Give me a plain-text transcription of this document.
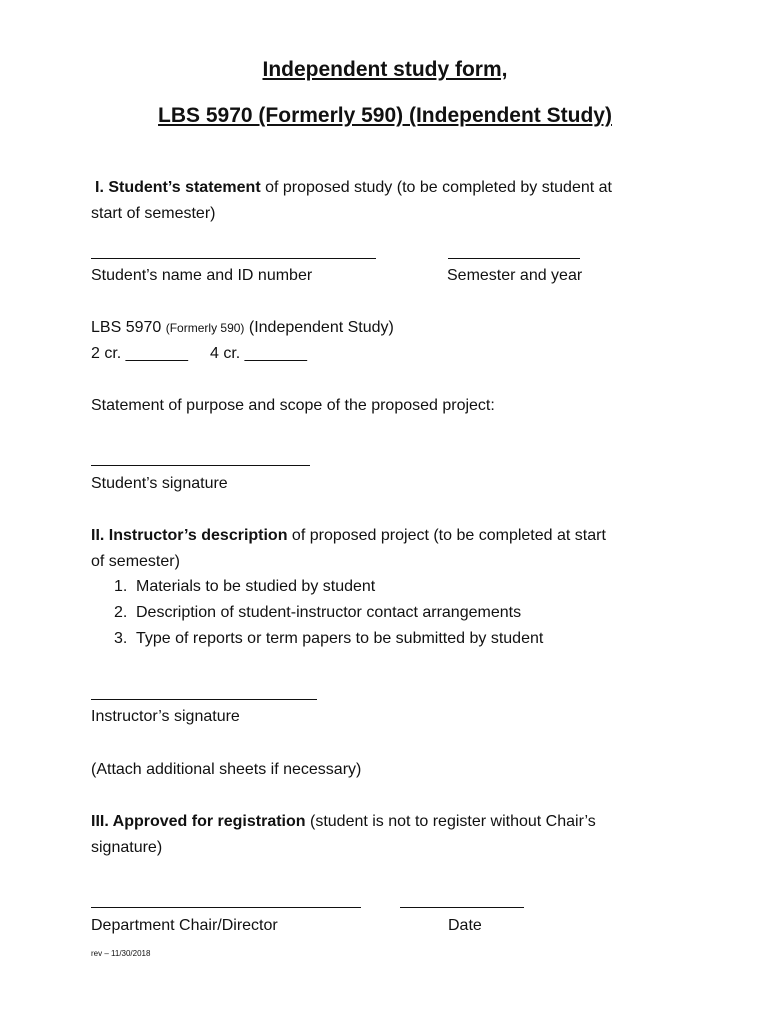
Independent study form,
LBS 5970 (Formerly 590) (Independent Study)
I. Student’s statement of proposed study (to be completed by student at
start of semester)
Student’s name and ID number	Semester and year
LBS 5970 (Formerly 590) (Independent Study)
2 cr. _______ 4 cr. _______
Statement of purpose and scope of the proposed project:
Student’s signature
II. Instructor’s description of proposed project (to be completed at start
of semester)
1. Materials to be studied by student
2. Description of student-instructor contact arrangements
3. Type of reports or term papers to be submitted by student
Instructor’s signature
(Attach additional sheets if necessary)
III. Approved for registration (student is not to register without Chair’s
signature)
Department Chair/Director	Date
rev – 11/30/2018
